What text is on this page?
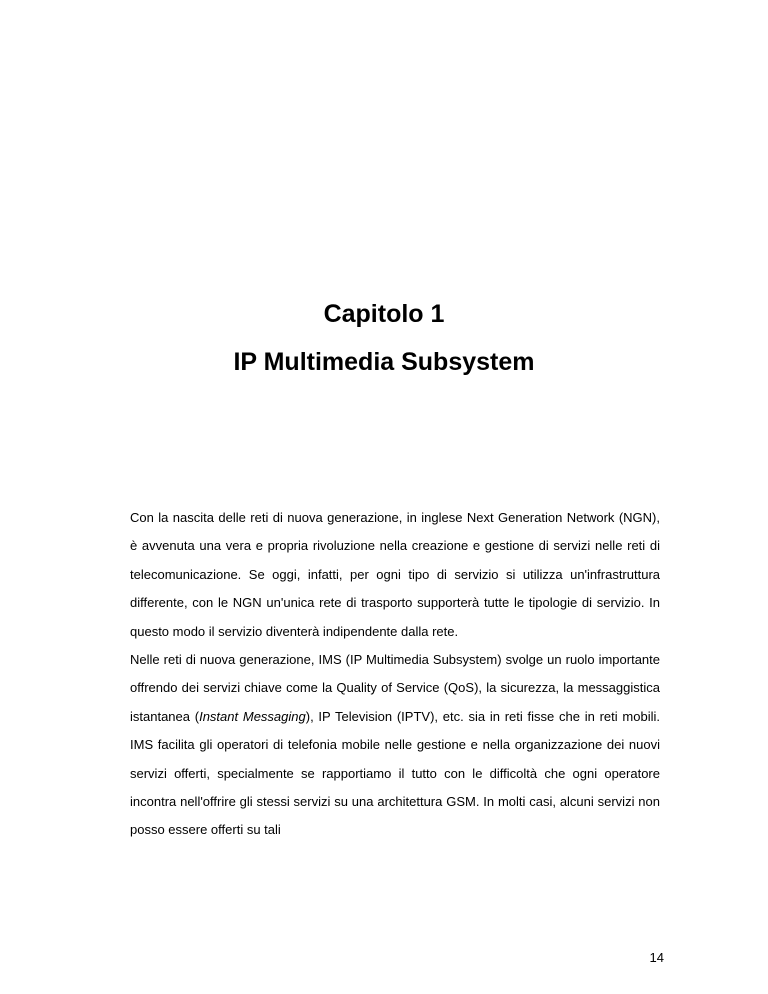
Capitolo 1
IP Multimedia Subsystem

Con la nascita delle reti di nuova generazione, in inglese Next Generation Network (NGN), è avvenuta una vera e propria rivoluzione nella creazione e gestione di servizi nelle reti di telecomunicazione. Se oggi, infatti, per ogni tipo di servizio si utilizza un'infrastruttura differente, con le NGN un'unica rete di trasporto supporterà tutte le tipologie di servizio. In questo modo il servizio diventerà indipendente dalla rete.

Nelle reti di nuova generazione, IMS (IP Multimedia Subsystem) svolge un ruolo importante offrendo dei servizi chiave come la Quality of Service (QoS), la sicurezza, la messaggistica istantanea (Instant Messaging), IP Television (IPTV), etc. sia in reti fisse che in reti mobili. IMS facilita gli operatori di telefonia mobile nelle gestione e nella organizzazione dei nuovi servizi offerti, specialmente se rapportiamo il tutto con le difficoltà che ogni operatore incontra nell'offrire gli stessi servizi su una architettura GSM. In molti casi, alcuni servizi non posso essere offerti su tali

14
